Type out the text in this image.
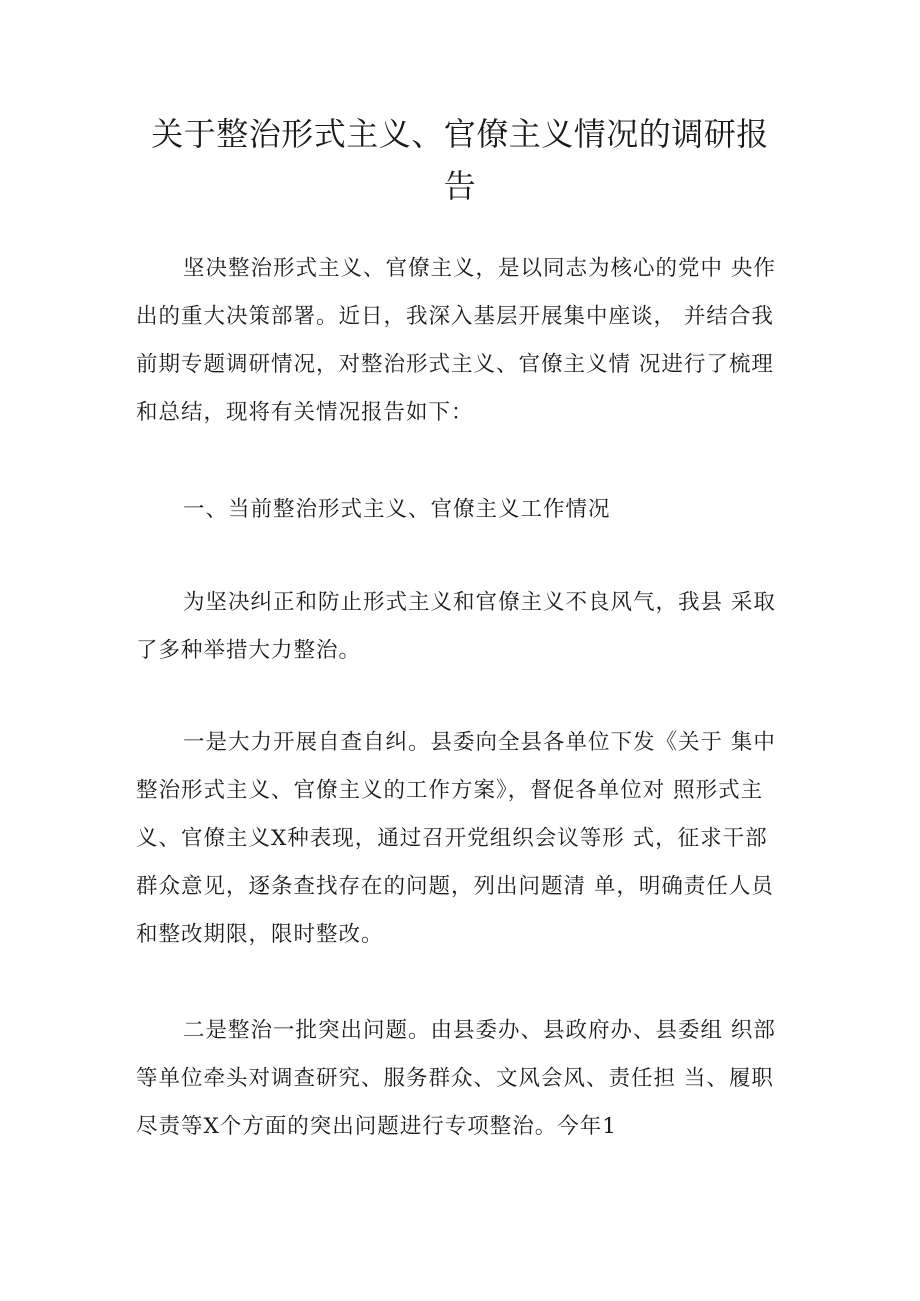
关于整治形式主义、官僚主义情况的调研报
告
坚决整治形式主义、官僚主义，是以同志为核心的党中 央作
出的重大决策部署。近日，我深入基层开展集中座谈， 并结合我
前期专题调研情况，对整治形式主义、官僚主义情 况进行了梳理
和总结，现将有关情况报告如下：
一、当前整治形式主义、官僚主义工作情况
为坚决纠正和防止形式主义和官僚主义不良风气，我县 采取
了多种举措大力整治。
一是大力开展自查自纠。县委向全县各单位下发《关于 集中
整治形式主义、官僚主义的工作方案》，督促各单位对 照形式主
义、官僚主义X种表现，通过召开党组织会议等形 式，征求干部
群众意见，逐条查找存在的问题，列出问题清 单，明确责任人员
和整改期限，限时整改。
二是整治一批突出问题。由县委办、县政府办、县委组 织部
等单位牵头对调查研究、服务群众、文风会风、责任担 当、履职
尽责等X个方面的突出问题进行专项整治。今年1
